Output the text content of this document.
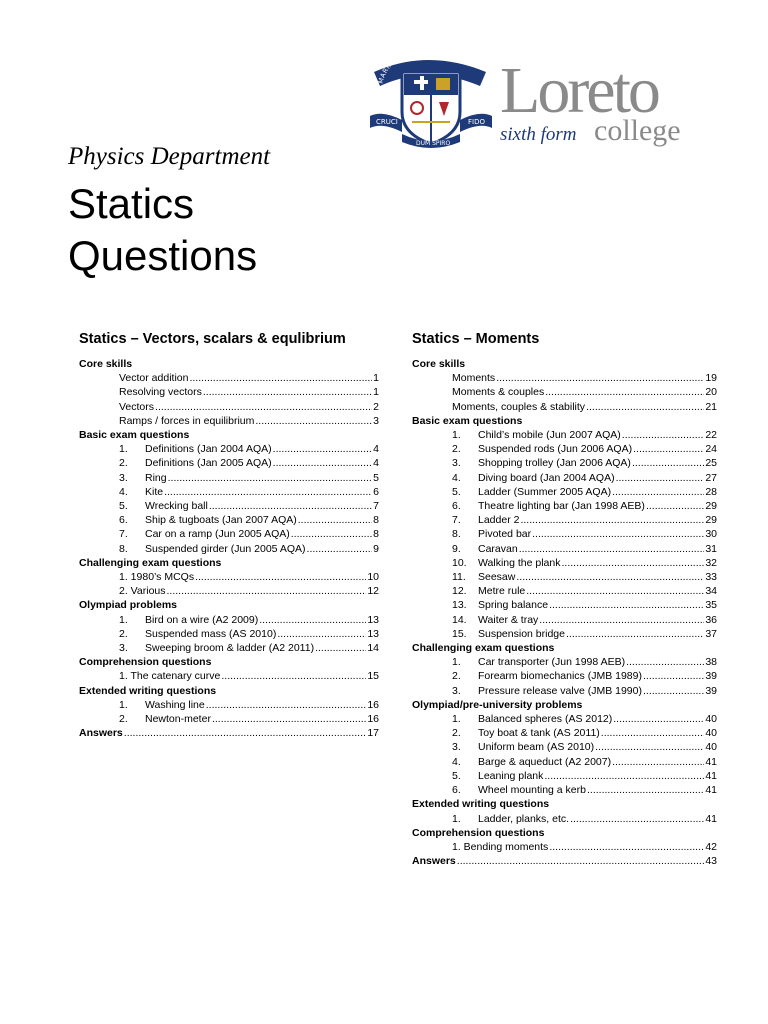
MARIA REGINA ANGELORUM
CRUCI
DUM SPIRO
FIDO Loreto
sixth form college
Physics Department
Statics
Questions
Statics – Vectors, scalars & equlibrium
Core skills
Vector addition .....	1
Resolving vectors .....	1
Vectors .....	2
Ramps / forces in equilibrium .....	3
Basic exam questions
1.	Definitions (Jan 2004 AQA) .....	4
2.	Definitions (Jan 2005 AQA) .....	4
3.	Ring .....	5
4.	Kite .....	6
5.	Wrecking ball .....	7
6.	Ship & tugboats (Jan 2007 AQA) .....	8
7.	Car on a ramp (Jun 2005 AQA) .....	8
8.	Suspended girder (Jun 2005 AQA) .....	9
Challenging exam questions
1. 1980’s MCQs .....	10
2. Various .....	12
Olympiad problems
1.	Bird on a wire (A2 2009) .....	13
2.	Suspended mass (AS 2010) .....	13
3.	Sweeping broom & ladder (A2 2011) .....	14
Comprehension questions
1. The catenary curve .....	15
Extended writing questions
1.	Washing line .....	16
2.	Newton-meter .....	16
Answers .....	17
Statics – Moments
Core skills
Moments .....	19
Moments & couples .....	20
Moments, couples & stability .....	21
Basic exam questions
1.	Child’s mobile (Jun 2007 AQA) .....	22
2.	Suspended rods (Jun 2006 AQA) .....	24
3.	Shopping trolley (Jan 2006 AQA) .....	25
4.	Diving board (Jan 2004 AQA) .....	27
5.	Ladder (Summer 2005 AQA) .....	28
6.	Theatre lighting bar (Jan 1998 AEB) .....	29
7.	Ladder 2 .....	29
8.	Pivoted bar .....	30
9.	Caravan .....	31
10.	Walking the plank .....	32
11.	Seesaw .....	33
12.	Metre rule .....	34
13.	Spring balance .....	35
14.	Waiter & tray .....	36
15.	Suspension bridge .....	37
Challenging exam questions
1.	Car transporter (Jun 1998 AEB) .....	38
2.	Forearm biomechanics (JMB 1989) .....	39
3.	Pressure release valve (JMB 1990) .....	39
Olympiad/pre-university problems
1.	Balanced spheres (AS 2012) .....	40
2.	Toy boat & tank (AS 2011) .....	40
3.	Uniform beam (AS 2010) .....	40
4.	Barge & aqueduct (A2 2007) .....	41
5.	Leaning plank .....	41
6.	Wheel mounting a kerb .....	41
Extended writing questions
1.	Ladder, planks, etc. .....	41
Comprehension questions
1. Bending moments .....	42
Answers .....	43
